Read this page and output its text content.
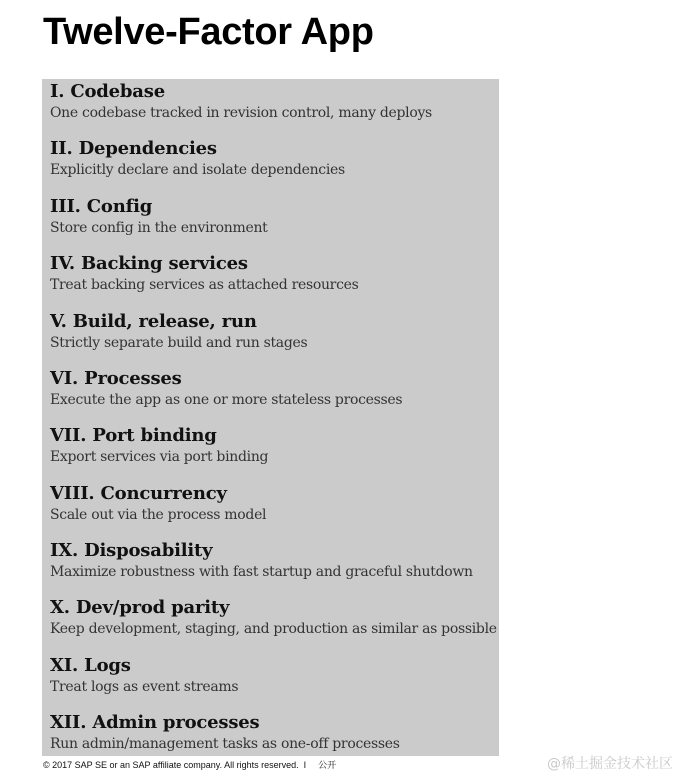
Twelve-Factor App
I. Codebase
One codebase tracked in revision control, many deploys
II. Dependencies
Explicitly declare and isolate dependencies
III. Config
Store config in the environment
IV. Backing services
Treat backing services as attached resources
V. Build, release, run
Strictly separate build and run stages
VI. Processes
Execute the app as one or more stateless processes
VII. Port binding
Export services via port binding
VIII. Concurrency
Scale out via the process model
IX. Disposability
Maximize robustness with fast startup and graceful shutdown
X. Dev/prod parity
Keep development, staging, and production as similar as possible
XI. Logs
Treat logs as event streams
XII. Admin processes
Run admin/management tasks as one-off processes
© 2017 SAP SE or an SAP affiliate company. All rights reserved. I 公开	@稀土掘金技术社区
